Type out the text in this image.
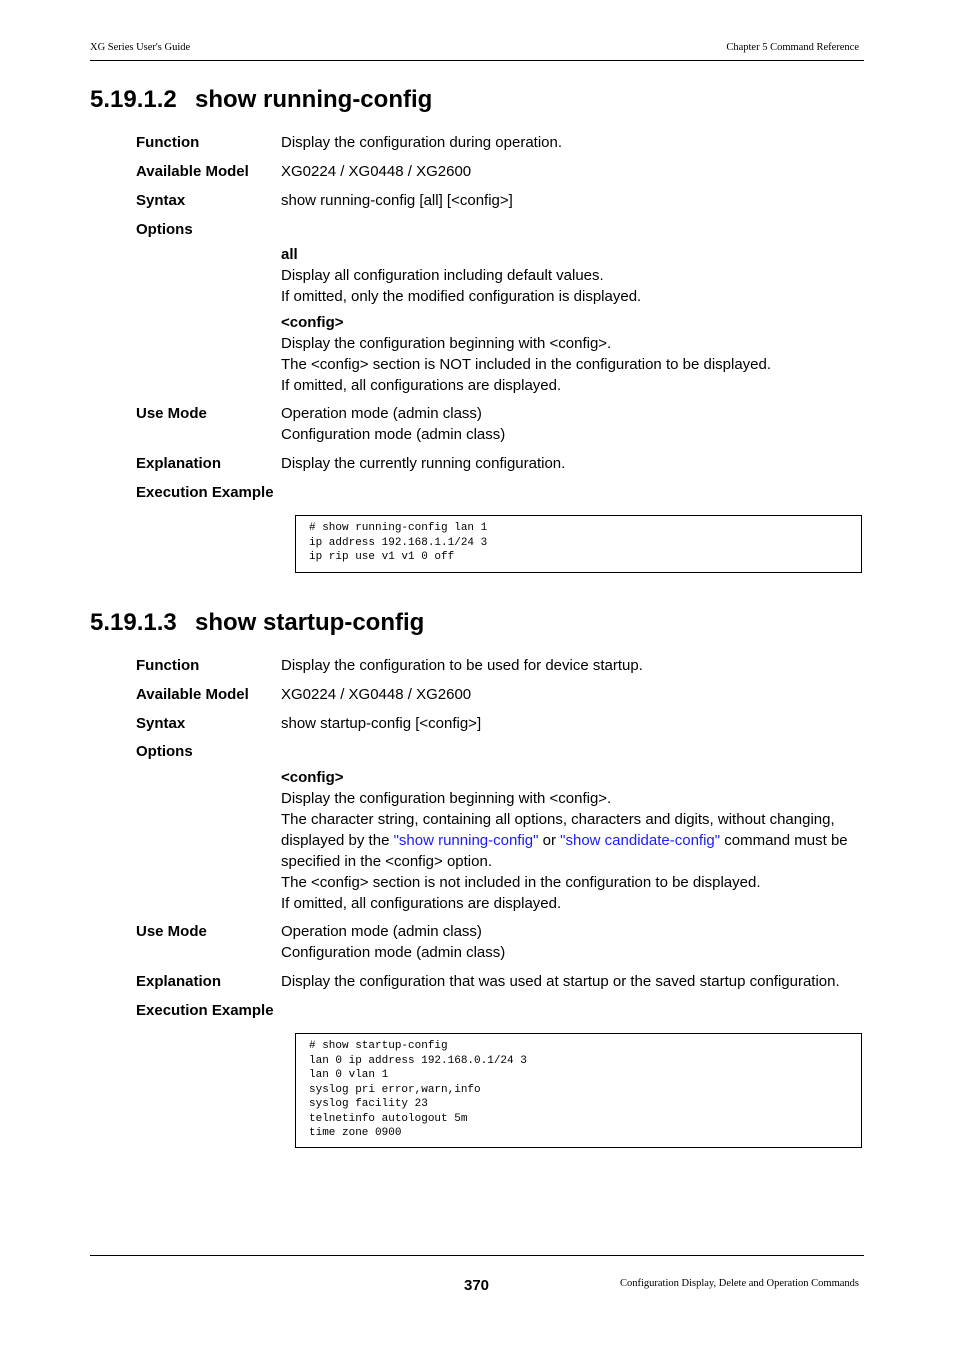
XG Series User's Guide	Chapter 5 Command Reference
5.19.1.2 show running-config
Function	Display the configuration during operation.
Available Model XG0224 / XG0448 / XG2600
Syntax	show running-config [all] [<config>]
Options
all
Display all configuration including default values.
If omitted, only the modified configuration is displayed.
<config>
Display the configuration beginning with <config>.
The <config> section is NOT included in the configuration to be displayed.
If omitted, all configurations are displayed.
Use Mode	Operation mode (admin class)
Configuration mode (admin class)
Explanation	Display the currently running configuration.
Execution Example
# show running-config lan 1
ip address 192.168.1.1/24 3
ip rip use v1 v1 0 off
5.19.1.3 show startup-config
Function	Display the configuration to be used for device startup.
Available Model XG0224 / XG0448 / XG2600
Syntax	show startup-config [<config>]
Options
<config>
Display the configuration beginning with <config>.
The character string, containing all options, characters and digits, without changing,
displayed by the "show running-config" or "show candidate-config" command must be
specified in the <config> option.
The <config> section is not included in the configuration to be displayed.
If omitted, all configurations are displayed.
Use Mode	Operation mode (admin class)
Configuration mode (admin class)
Explanation	Display the configuration that was used at startup or the saved startup configuration.
Execution Example
# show startup-config
lan 0 ip address 192.168.0.1/24 3
lan 0 vlan 1
syslog pri error,warn,info
syslog facility 23
telnetinfo autologout 5m
time zone 0900
370	Configuration Display, Delete and Operation Commands
